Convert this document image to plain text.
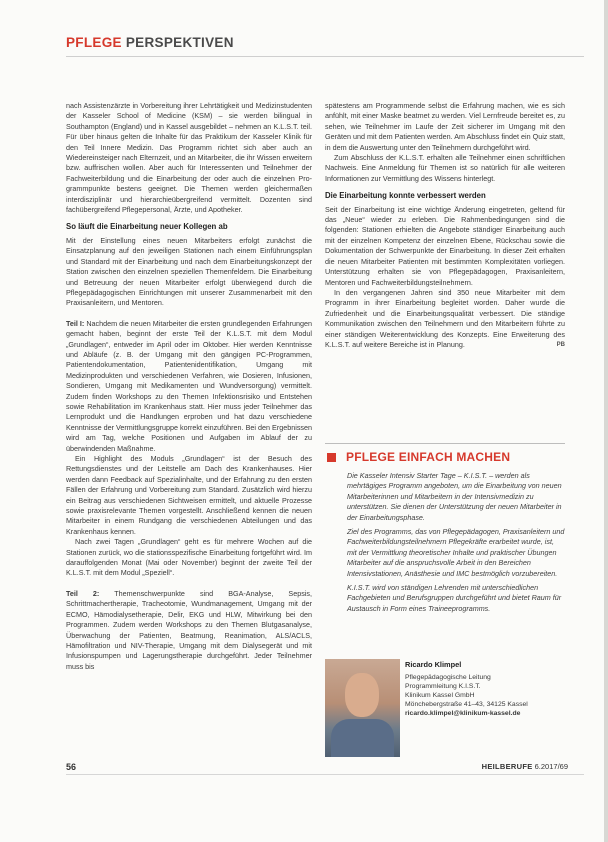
PFLEGE PERSPEKTIVEN

nach Assistenzärzte in Vorbereitung ihrer Lehrtätigkeit und Medizinstudenten der Kasseler School of Medicine (KSM) – sie werden bilingual in Southampton (England) und in Kassel ausgebildet – nehmen an K.L.S.T. teil. Für über hinaus gelten die Inhalte für das Praktikum der Kasseler Klinik für den Teil Innere Medizin. Das Programm richtet sich aber auch an Wiedereinsteiger nach Elternzeit, und an Mitarbeiter, die ihr Wissen erweitern bzw. auffrischen wollen. Aber auch für Interessenten und Teilnehmer der Fachweiterbildung und die Einarbeitung der oder auch die einzelnen Programmpunkte bestens geeignet. Die Themen werden gleichermaßen interdisziplinär und hierarchieübergreifend vermittelt. Dozenten sind fachübergreifend Pflegepersonal, Ärzte, und Apotheker.

So läuft die Einarbeitung neuer Kollegen ab

Mit der Einstellung eines neuen Mitarbeiters erfolgt zunächst die Einsatzplanung auf den jeweiligen Stationen nach einem Einführungsplan und Standard mit der Einarbeitung und nach dem Einarbeitungskonzept der Station zwischen den einzelnen speziellen Themenfeldern. Die Einarbeitung und Betreuung der neuen Mitarbeiter erfolgt überwiegend durch die Pflegepädagogischen Einrichtungen mit unserer Zusammenarbeit mit den Praxisanleitern, und Mentoren.

Teil I: Nachdem die neuen Mitarbeiter die ersten grundlegenden Erfahrungen gemacht haben, beginnt der erste Teil der K.L.S.T. mit dem Modul „Grundlagen“, entweder im April oder im Oktober. Hier werden Kenntnisse und Abläufe (z. B. der Umgang mit den gängigen PC-Programmen, Patientendokumentation, Patientenidentifikation, Umgang mit Medizinprodukten und verschiedenen Verfahren, wie Dosieren, Infusionen, Sondieren, Umgang mit Medikamenten und Wundversorgung) vermittelt. Zudem finden Workshops zu den Themen Infektionsrisiko und Entstehen sowie Rehabilitation im Krankenhaus statt. Hier muss jeder Teilnehmer das Lernprodukt und die Handlungen erproben und hat dazu verschiedene Kenntnisse der Vermittlungsgruppe korrekt einzuführen. Bei den Ergebnissen wird am Tag, welche Positionen und Aufgaben im Ablauf der zu überwindenden Maßnahme.

Ein Highlight des Moduls „Grundlagen“ ist der Besuch des Rettungsdienstes und der Leitstelle am Dach des Krankenhauses. Hier werden dann Feedback auf Spezialinhalte, und der Erfahrung zu den ersten Fällen der Erfahrung und Vorbereitung zum Standard. Zusätzlich wird hierzu ein Beitrag aus verschiedenen Sichtweisen ermittelt, und aktuelle Prozesse sowie praxisrelevante Themen vorgestellt. Anschließend kennen die neuen Mitarbeiter in einem Rundgang die verschiedenen Abteilungen und das Krankenhaus kennen.

Nach zwei Tagen „Grundlagen“ geht es für mehrere Wochen auf die Stationen zurück, wo die stationsspezifische Einarbeitung fortgeführt wird. Im darauffolgenden Monat (Mai oder November) beginnt der zweite Teil der K.L.S.T. mit dem Modul „Speziell“.

Teil 2: Themenschwerpunkte sind BGA-Analyse, Sepsis, Schrittmachertherapie, Tracheotomie, Wundmanagement, Umgang mit der ECMO, Hämodialysetherapie, Delir, EKG und HLW, Mitwirkung bei den Programmen. Zudem werden Workshops zu den Themen Blutgasanalyse, Überwachung der Patienten, Beatmung, Reanimation, ALS/ACLS, Hämofiltration und NIV-Therapie, Umgang mit dem Dialysegerät und mit Infusionspumpen und Lagerungstherapie durchgeführt. Jeder Teilnehmer muss bis

spätestens am Programmende selbst die Erfahrung machen, wie es sich anfühlt, mit einer Maske beatmet zu werden. Viel Lernfreude bereitet es, zu sehen, wie Teilnehmer im Laufe der Zeit sicherer im Umgang mit den Geräten und mit dem Patienten werden. Am Abschluss findet ein Quiz statt, in dem die Auswertung unter den Teilnehmern durchgeführt wird.

Zum Abschluss der K.L.S.T. erhalten alle Teilnehmer einen schriftlichen Nachweis. Eine Anmeldung für Themen ist so natürlich für alle weiteren Informationen zur Vermittlung des Wissens hinterlegt.

Die Einarbeitung konnte verbessert werden

Seit der Einarbeitung ist eine wichtige Änderung eingetreten, geltend für das „Neue“ wieder zu erleben. Die Rahmenbedingungen sind die folgenden: Stationen erhielten die Angebote ständiger Einarbeitung auch mit der einzelnen Kompetenz der einzelnen Ebene, Rückschau sowie die Dokumentation der Schwerpunkte der Einarbeitung. In dieser Zeit erhalten die neuen Mitarbeiter Patienten mit bestimmten Komplexitäten vorliegen. Unterstützung erhalten sie von Pflegepädagogen, Praxisanleitern, Mentoren und Fachweiterbildungsteilnehmern.

In den vergangenen Jahren sind 350 neue Mitarbeiter mit dem Programm in ihrer Einarbeitung begleitet worden. Daher wurde die Zufriedenheit und die Einarbeitungsqualität verbessert. Die ständige Kommunikation zwischen den Teilnehmern und den Mitarbeitern führte zu einer ständigen Weiterentwicklung des Konzepts. Eine Erweiterung des K.L.S.T. auf weitere Bereiche ist in Planung.	PB

PFLEGE EINFACH MACHEN

Die Kasseler Intensiv Starter Tage – K.I.S.T. – werden als mehrtägiges Programm angeboten, um die Einarbeitung von neuen Mitarbeiterinnen und Mitarbeitern in der Intensivmedizin zu unterstützen. Sie dienen der Unterstützung der neuen Mitarbeiter in der Einarbeitungsphase.

Ziel des Programms, das von Pflegepädagogen, Praxisanleitern und Fachweiterbildungsteilnehmern Pflegekräfte erarbeitet wurde, ist, mit der Vermittlung theoretischer Inhalte und praktischer Übungen Mitarbeiter auf die anspruchsvolle Arbeit in den Bereichen Intensivstationen, Anästhesie und IMC bestmöglich vorzubereiten.

K.I.S.T. wird von ständigen Lehrenden mit unterschiedlichen Fachgebieten und Berufsgruppen durchgeführt und bietet Raum für Austausch in Form eines Traineeprogramms.

Ricardo Klimpel
Pflegepädagogische Leitung
Programmleitung K.I.S.T.
Klinikum Kassel GmbH
Mönchebergstraße 41–43, 34125 Kassel
ricardo.klimpel@klinikum-kassel.de
56	HEILBERUFE 6.2017/69
